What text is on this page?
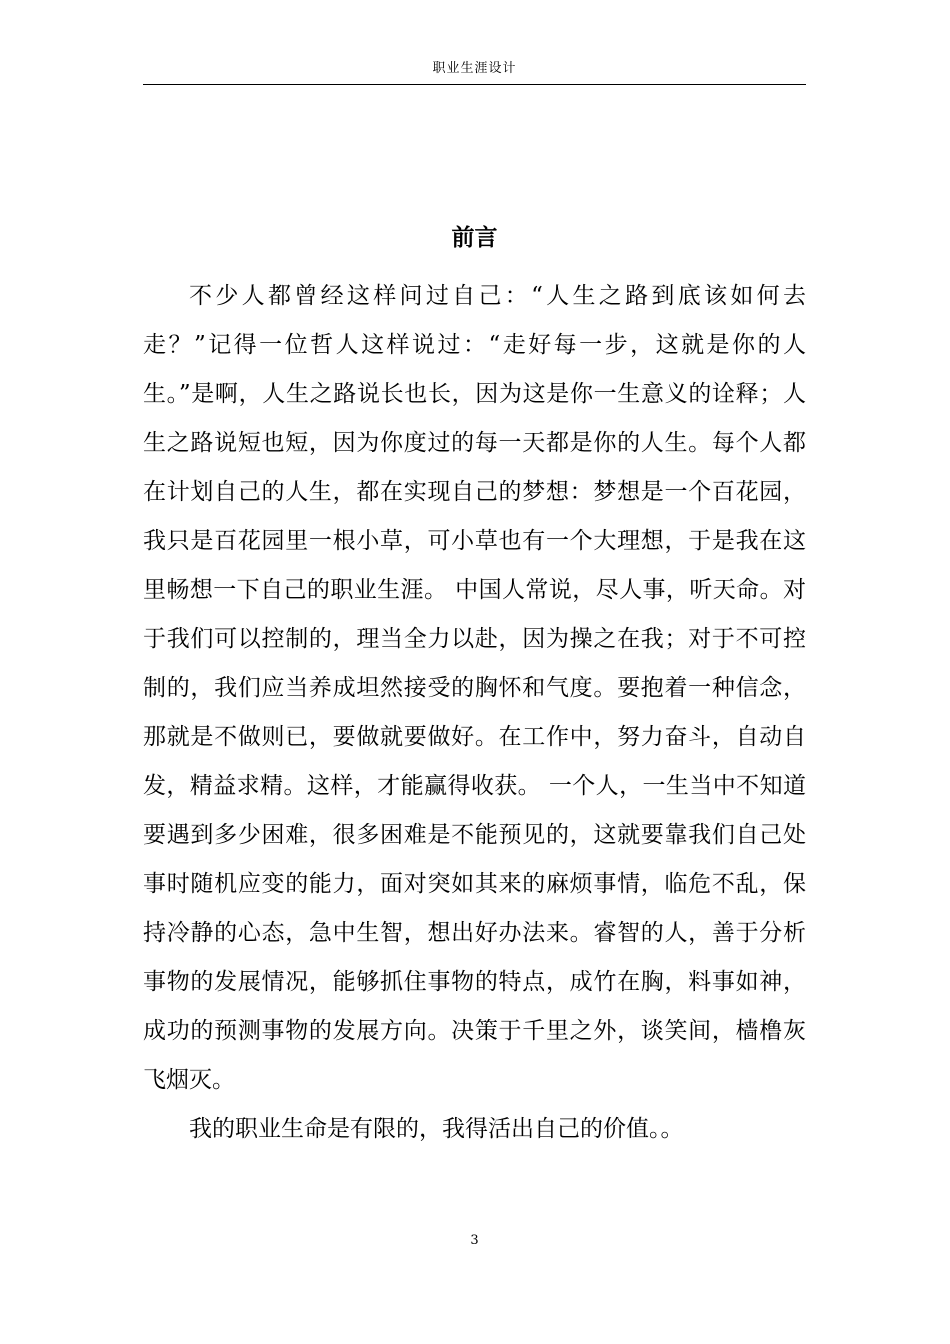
职业生涯设计
前言

不少人都曾经这样问过自己：“人生之路到底该如何去走？”记得一位哲人这样说过：“走好每一步，这就是你的人生。”是啊，人生之路说长也长，因为这是你一生意义的诠释；人生之路说短也短，因为你度过的每一天都是你的人生。每个人都在计划自己的人生，都在实现自己的梦想：梦想是一个百花园，我只是百花园里一根小草，可小草也有一个大理想，于是我在这里畅想一下自己的职业生涯。 中国人常说，尽人事，听天命。对于我们可以控制的，理当全力以赴，因为操之在我；对于不可控制的，我们应当养成坦然接受的胸怀和气度。要抱着一种信念，那就是不做则已，要做就要做好。在工作中，努力奋斗，自动自发，精益求精。这样，才能赢得收获。 一个人，一生当中不知道要遇到多少困难，很多困难是不能预见的，这就要靠我们自己处事时随机应变的能力，面对突如其来的麻烦事情，临危不乱，保持冷静的心态，急中生智，想出好办法来。睿智的人，善于分析事物的发展情况，能够抓住事物的特点，成竹在胸，料事如神，成功的预测事物的发展方向。决策于千里之外，谈笑间，樯橹灰飞烟灭。

我的职业生命是有限的，我得活出自己的价值。。

3
